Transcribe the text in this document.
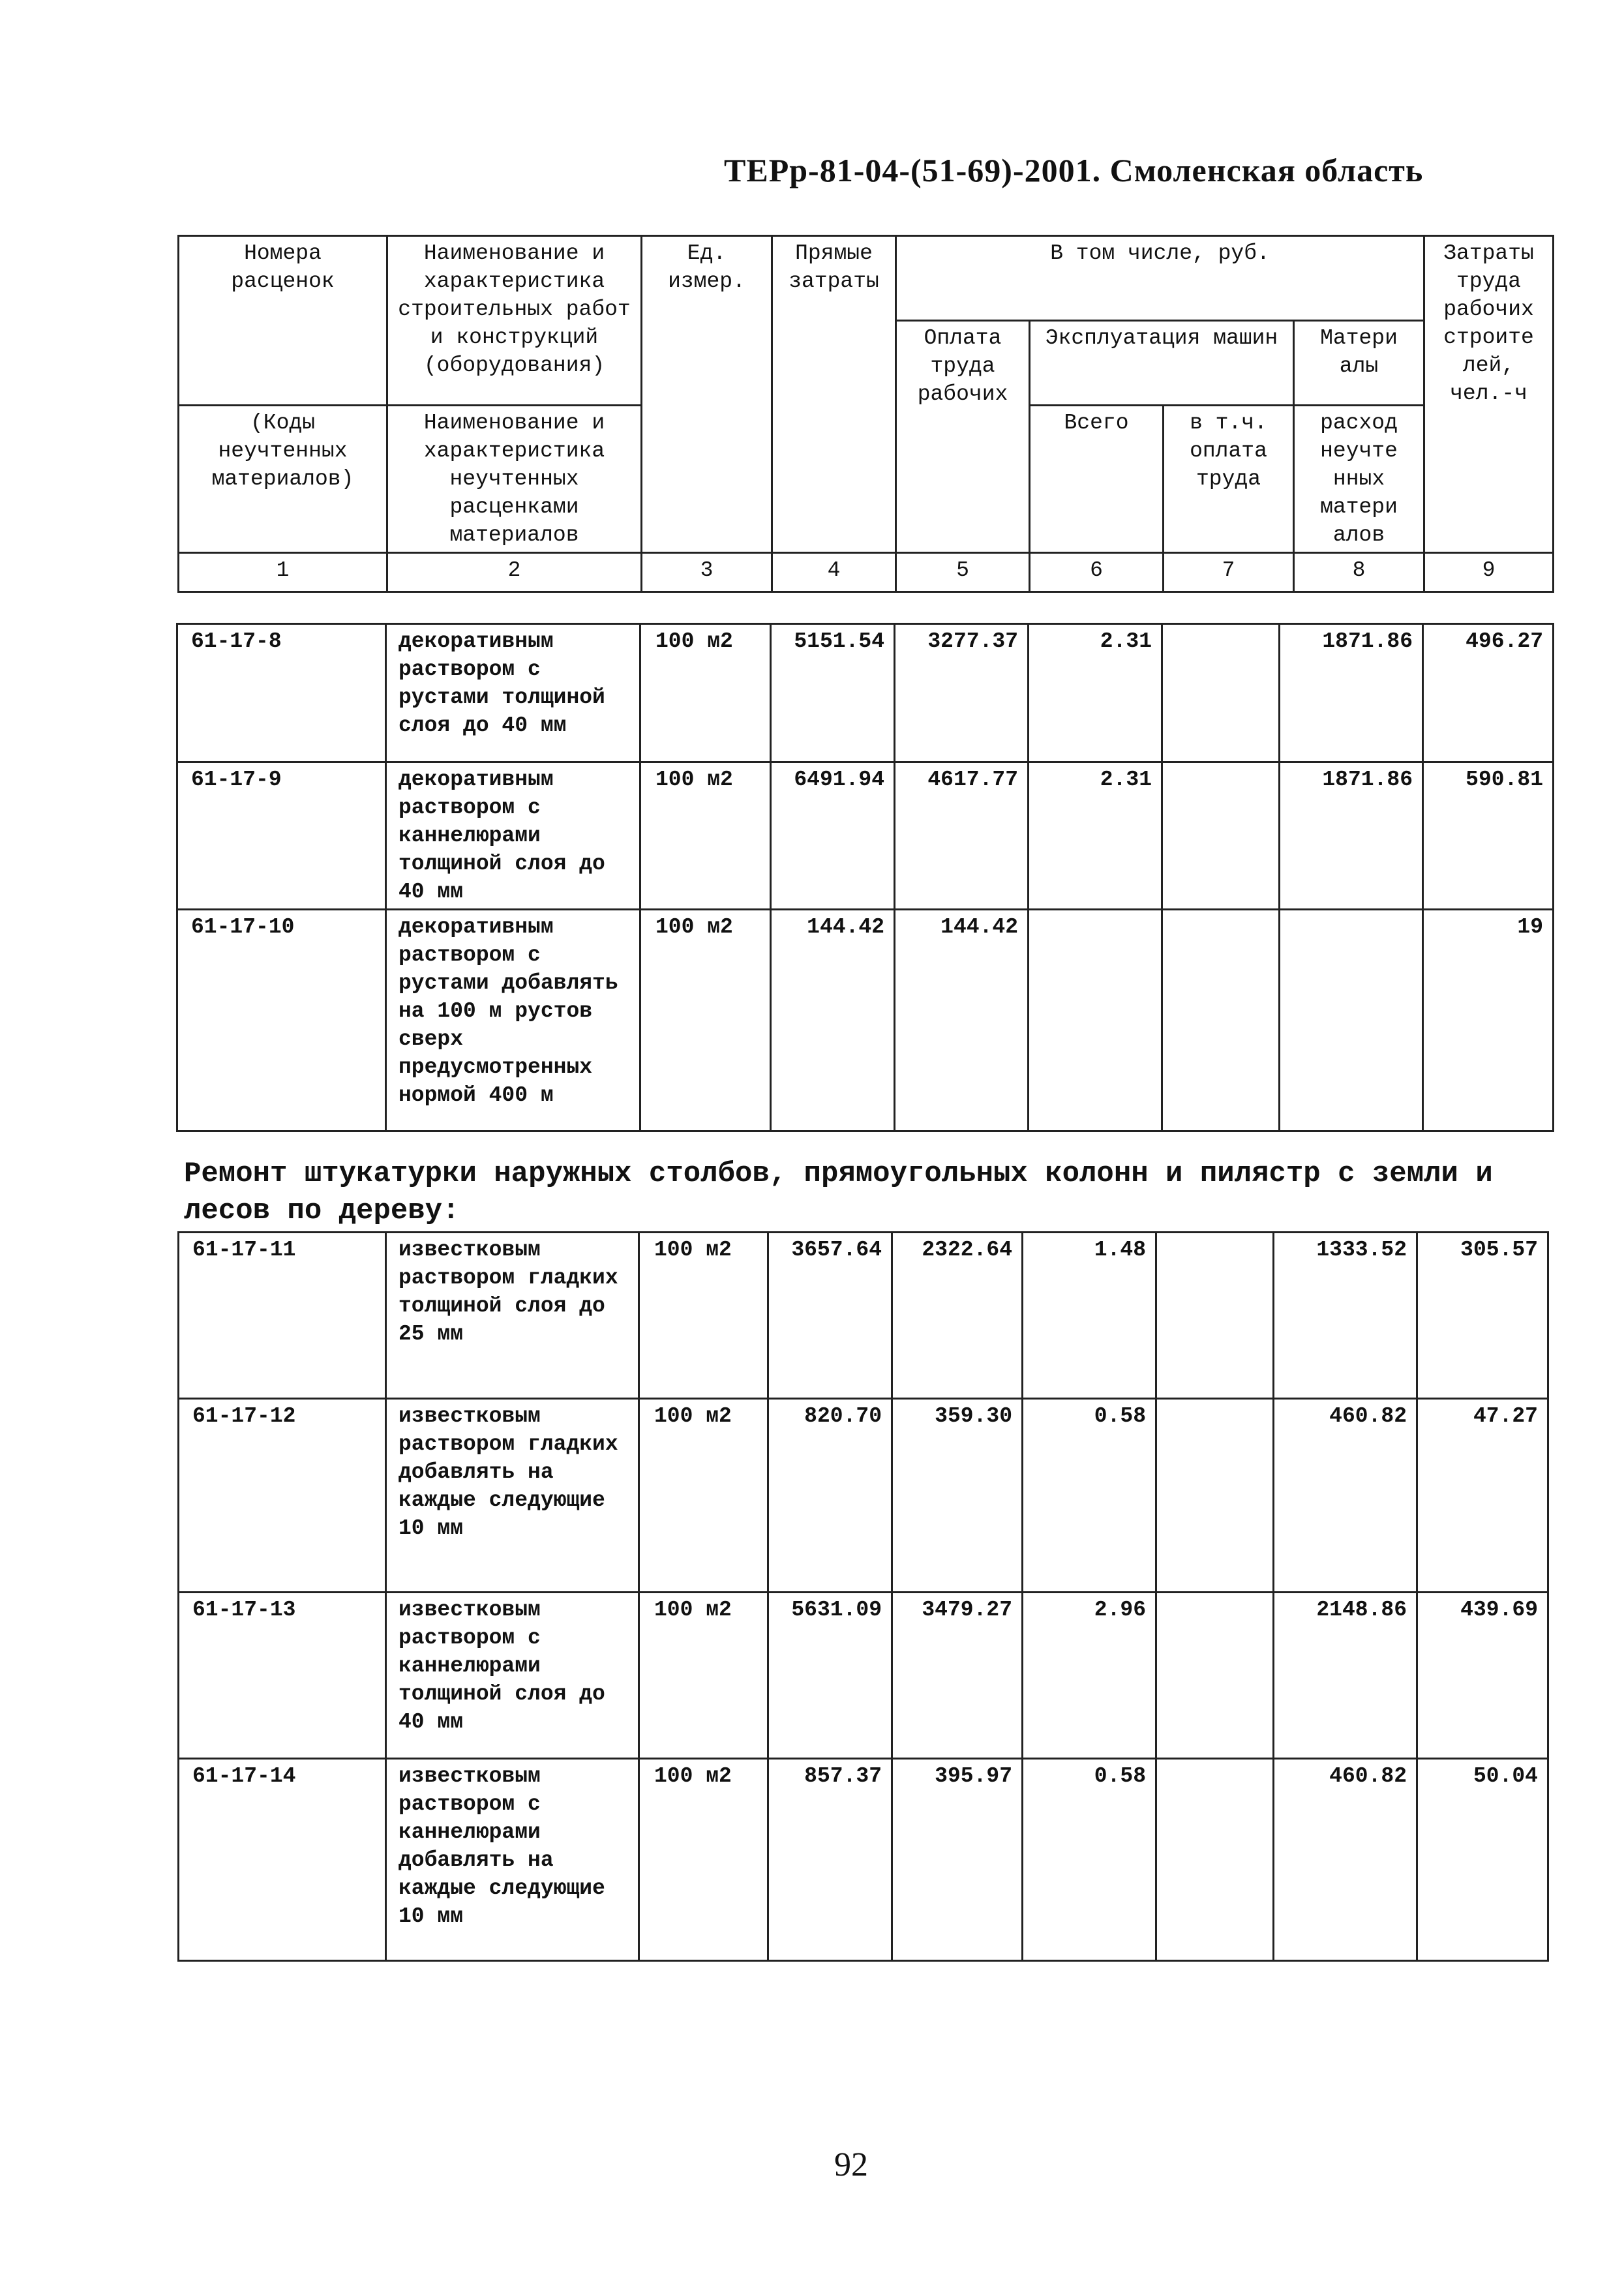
ТЕРр-81-04-(51-69)-2001. Смоленская область
Номера расценок	Наименование и характеристика строительных работ и конструкций (оборудования)	Ед. измер.	Прямые затраты	В том числе, руб.				Затраты труда рабочих строите лей, чел.-ч
				Оплата труда рабочих	Эксплуатация машин		Матери алы	
(Коды неучтенных материалов)	Наименование и характеристика неучтенных расценками материалов				Всего	в т.ч. оплата труда	расход неучте нных матери алов	

1	2	3	4	5	6	7	8	9
61-17-8	декоративным раствором с рустами толщиной слоя до 40 мм	100 м2	5151.54	3277.37	2.31		1871.86	496.27
61-17-9	декоративным раствором с каннелюрами толщиной слоя до 40 мм	100 м2	6491.94	4617.77	2.31		1871.86	590.81
61-17-10	декоративным раствором с рустами добавлять на 100 м рустов сверх предусмотренных нормой 400 м	100 м2	144.42	144.42				19
Ремонт штукатурки наружных столбов, прямоугольных колонн и пилястр с земли и лесов по дереву:
61-17-11	известковым раствором гладких толщиной слоя до 25 мм	100 м2	3657.64	2322.64	1.48		1333.52	305.57
61-17-12	известковым раствором гладких добавлять на каждые следующие 10 мм	100 м2	820.70	359.30	0.58		460.82	47.27
61-17-13	известковым раствором с каннелюрами толщиной слоя до 40 мм	100 м2	5631.09	3479.27	2.96		2148.86	439.69
61-17-14	известковым раствором с каннелюрами добавлять на каждые следующие 10 мм	100 м2	857.37	395.97	0.58		460.82	50.04
92
